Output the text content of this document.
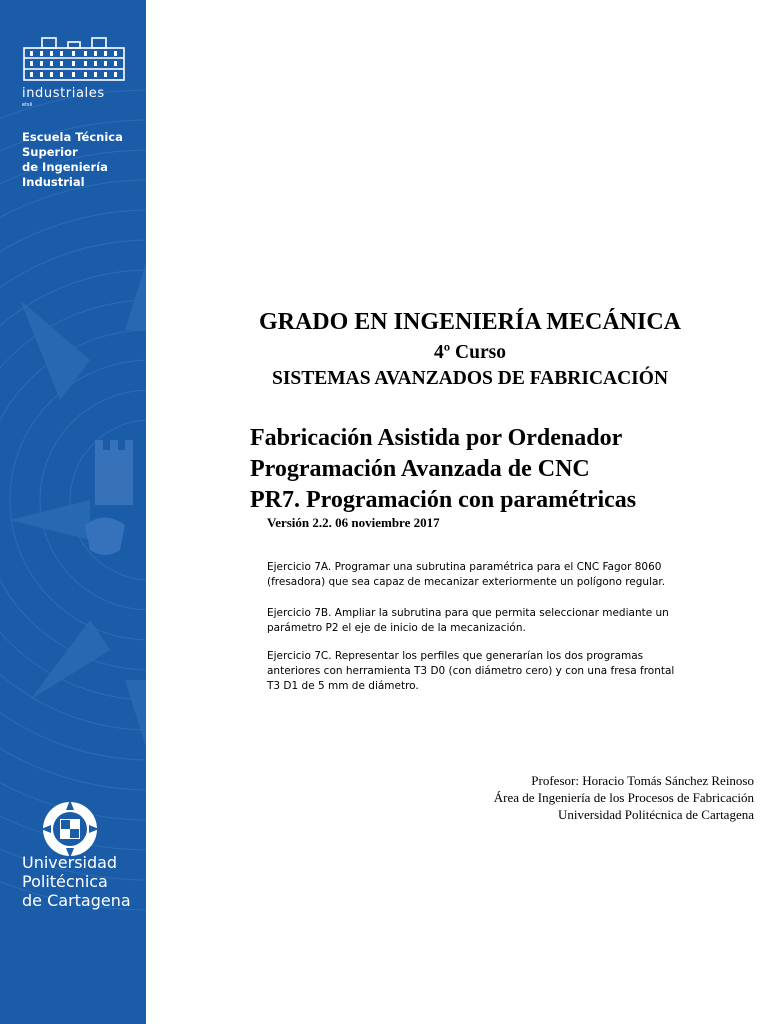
industriales
etsii
Escuela Técnica
Superior
de Ingeniería
Industrial
Universidad
Politécnica
de Cartagena
GRADO EN INGENIERÍA MECÁNICA
4º Curso
SISTEMAS AVANZADOS DE FABRICACIÓN
Fabricación Asistida por Ordenador
Programación Avanzada de CNC
PR7. Programación con paramétricas
Versión 2.2. 06 noviembre 2017
Ejercicio 7A. Programar una subrutina paramétrica para el CNC Fagor 8060
(fresadora) que sea capaz de mecanizar exteriormente un polígono regular.
Ejercicio 7B. Ampliar la subrutina para que permita seleccionar mediante un
parámetro P2 el eje de inicio de la mecanización.
Ejercicio 7C. Representar los perfiles que generarían los dos programas
anteriores con herramienta T3 D0 (con diámetro cero) y con una fresa frontal
T3 D1 de 5 mm de diámetro.
Profesor: Horacio Tomás Sánchez Reinoso
Área de Ingeniería de los Procesos de Fabricación
Universidad Politécnica de Cartagena
